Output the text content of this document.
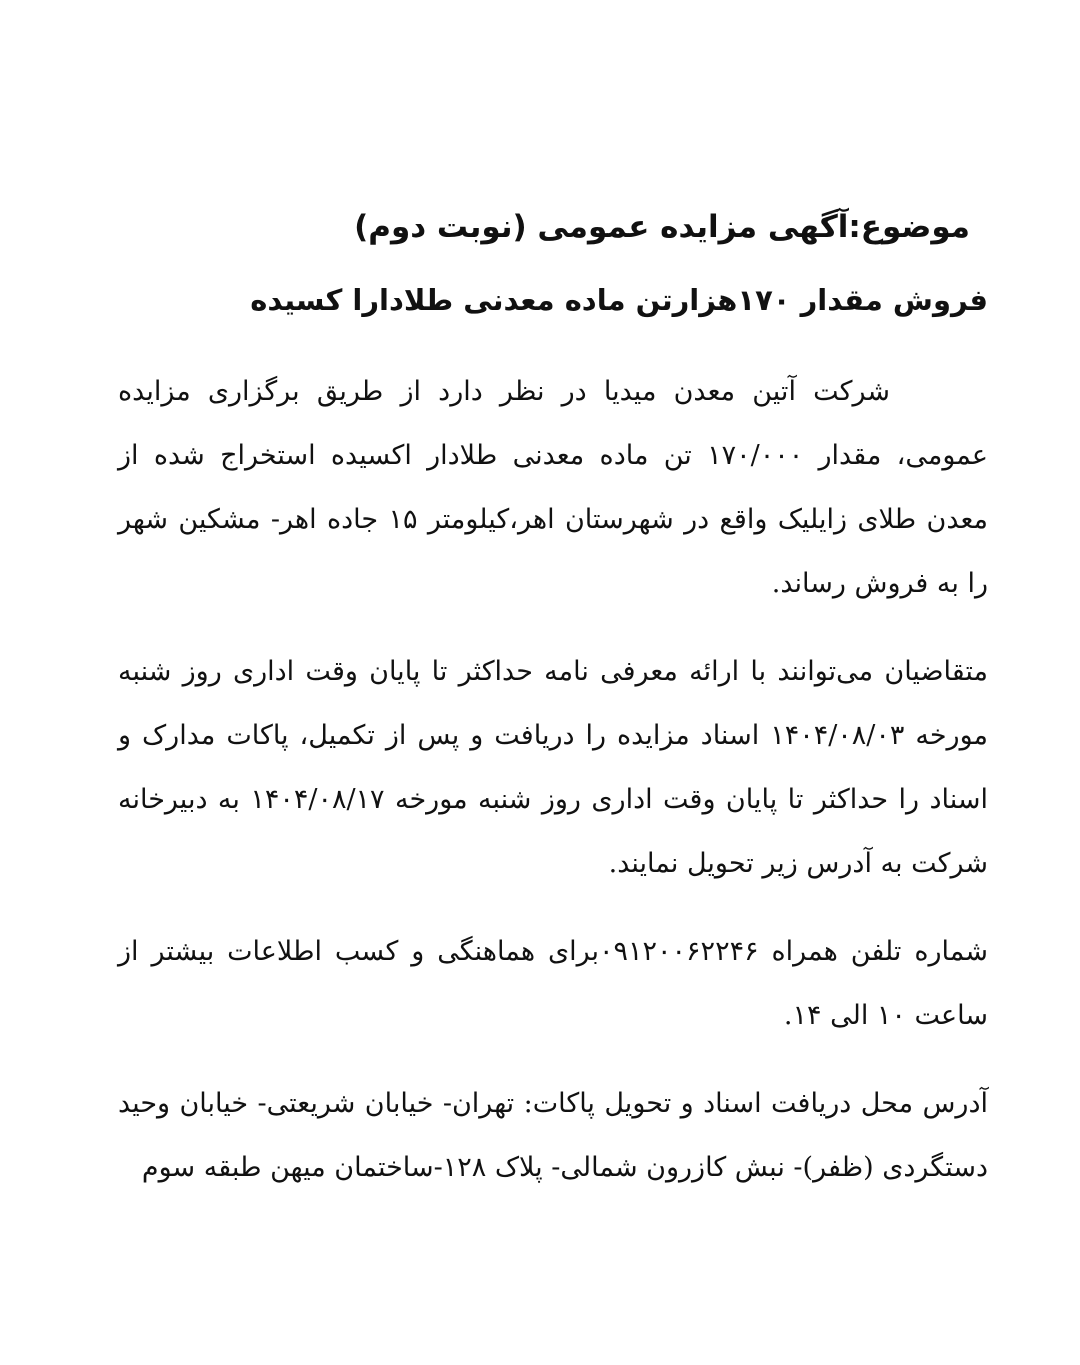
موضوع:آگهی مزایده عمومی (نوبت دوم)
فروش مقدار ۱۷۰هزارتن ماده معدنی طلادارا کسیده

شرکت آتین معدن میدیا در نظر دارد از طریق برگزاری مزایده عمومی، مقدار ۱۷۰/۰۰۰ تن ماده معدنی طلادار اکسیده استخراج شده از معدن طلای زایلیک واقع در شهرستان اهر،کیلومتر ۱۵ جاده اهر- مشکین شهر را به فروش رساند.

متقاضیان می‌توانند با ارائه معرفی نامه حداکثر تا پایان وقت اداری روز شنبه مورخه ۱۴۰۴/۰۸/۰۳ اسناد مزایده را دریافت و پس از تکمیل، پاکات مدارک و اسناد را حداکثر تا پایان وقت اداری روز شنبه مورخه ۱۴۰۴/۰۸/۱۷ به دبیرخانه شرکت به آدرس زیر تحویل نمایند.

شماره تلفن همراه ۰۹۱۲۰۰۶۲۲۴۶برای هماهنگی و کسب اطلاعات بیشتر از ساعت ۱۰ الی ۱۴.

آدرس محل دریافت اسناد و تحویل پاکات: تهران- خیابان شریعتی- خیابان وحید دستگردی (ظفر)- نبش کازرون شمالی- پلاک ۱۲۸-ساختمان میهن طبقه سوم
